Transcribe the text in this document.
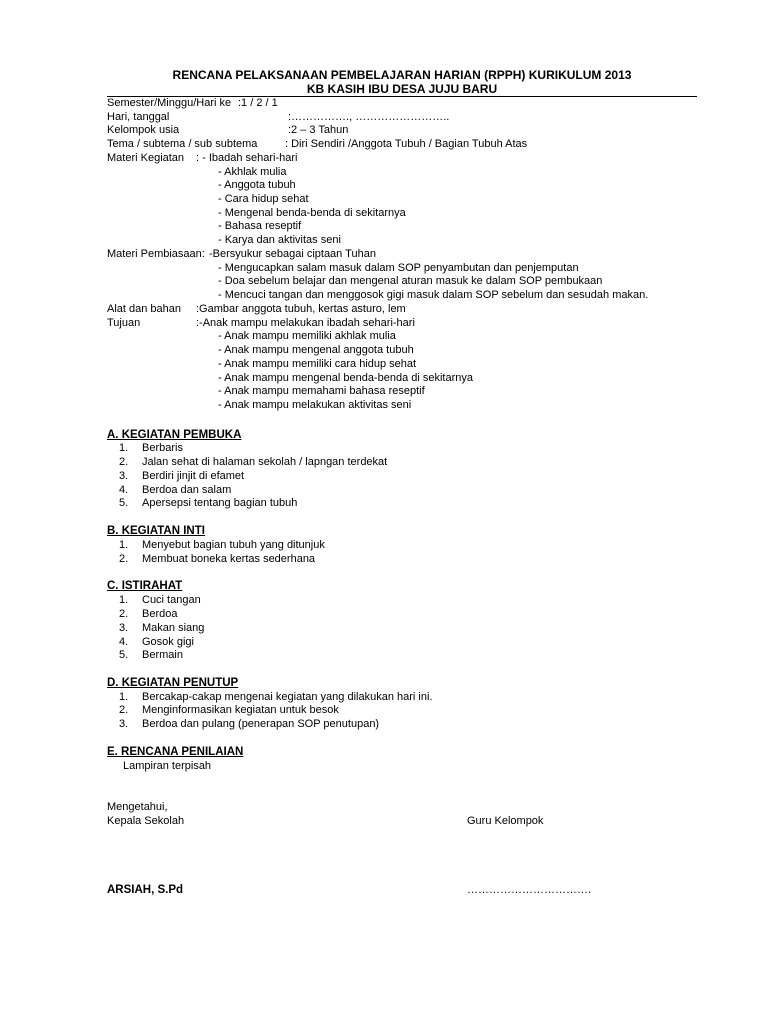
RENCANA PELAKSANAAN PEMBELAJARAN HARIAN (RPPH) KURIKULUM 2013
KB KASIH IBU DESA JUJU BARU
Semester/Minggu/Hari ke :1 / 2 / 1
Hari, tanggal	:……………., ……………………..
Kelompok usia	:2 – 3 Tahun
Tema / subtema / sub subtema	: Diri Sendiri /Anggota Tubuh / Bagian Tubuh Atas
Materi Kegiatan : - Ibadah sehari-hari
- Akhlak mulia
- Anggota tubuh
- Cara hidup sehat
- Mengenal benda-benda di sekitarnya
- Bahasa reseptif
- Karya dan aktivitas seni
Materi Pembiasaan: -Bersyukur sebagai ciptaan Tuhan
- Mengucapkan salam masuk dalam SOP penyambutan dan penjemputan
- Doa sebelum belajar dan mengenal aturan masuk ke dalam SOP pembukaan
- Mencuci tangan dan menggosok gigi masuk dalam SOP sebelum dan sesudah makan.
Alat dan bahan :Gambar anggota tubuh, kertas asturo, lem
Tujuan	:-Anak mampu melakukan ibadah sehari-hari
- Anak mampu memiliki akhlak mulia
- Anak mampu mengenal anggota tubuh
- Anak mampu memiliki cara hidup sehat
- Anak mampu mengenal benda-benda di sekitarnya
- Anak mampu memahami bahasa reseptif
- Anak mampu melakukan aktivitas seni
A. KEGIATAN PEMBUKA
1. Berbaris
2. Jalan sehat di halaman sekolah / lapngan terdekat
3. Berdiri jinjit di efamet
4. Berdoa dan salam
5. Apersepsi tentang bagian tubuh
B. KEGIATAN INTI
1. Menyebut bagian tubuh yang ditunjuk
2. Membuat boneka kertas sederhana
C. ISTIRAHAT
1. Cuci tangan
2. Berdoa
3. Makan siang
4. Gosok gigi
5. Bermain
D. KEGIATAN PENUTUP
1. Bercakap-cakap mengenai kegiatan yang dilakukan hari ini.
2. Menginformasikan kegiatan untuk besok
3. Berdoa dan pulang (penerapan SOP penutupan)
E. RENCANA PENILAIAN
Lampiran terpisah
Mengetahui,
Kepala Sekolah	Guru Kelompok
ARSIAH, S.Pd	…………………………….
